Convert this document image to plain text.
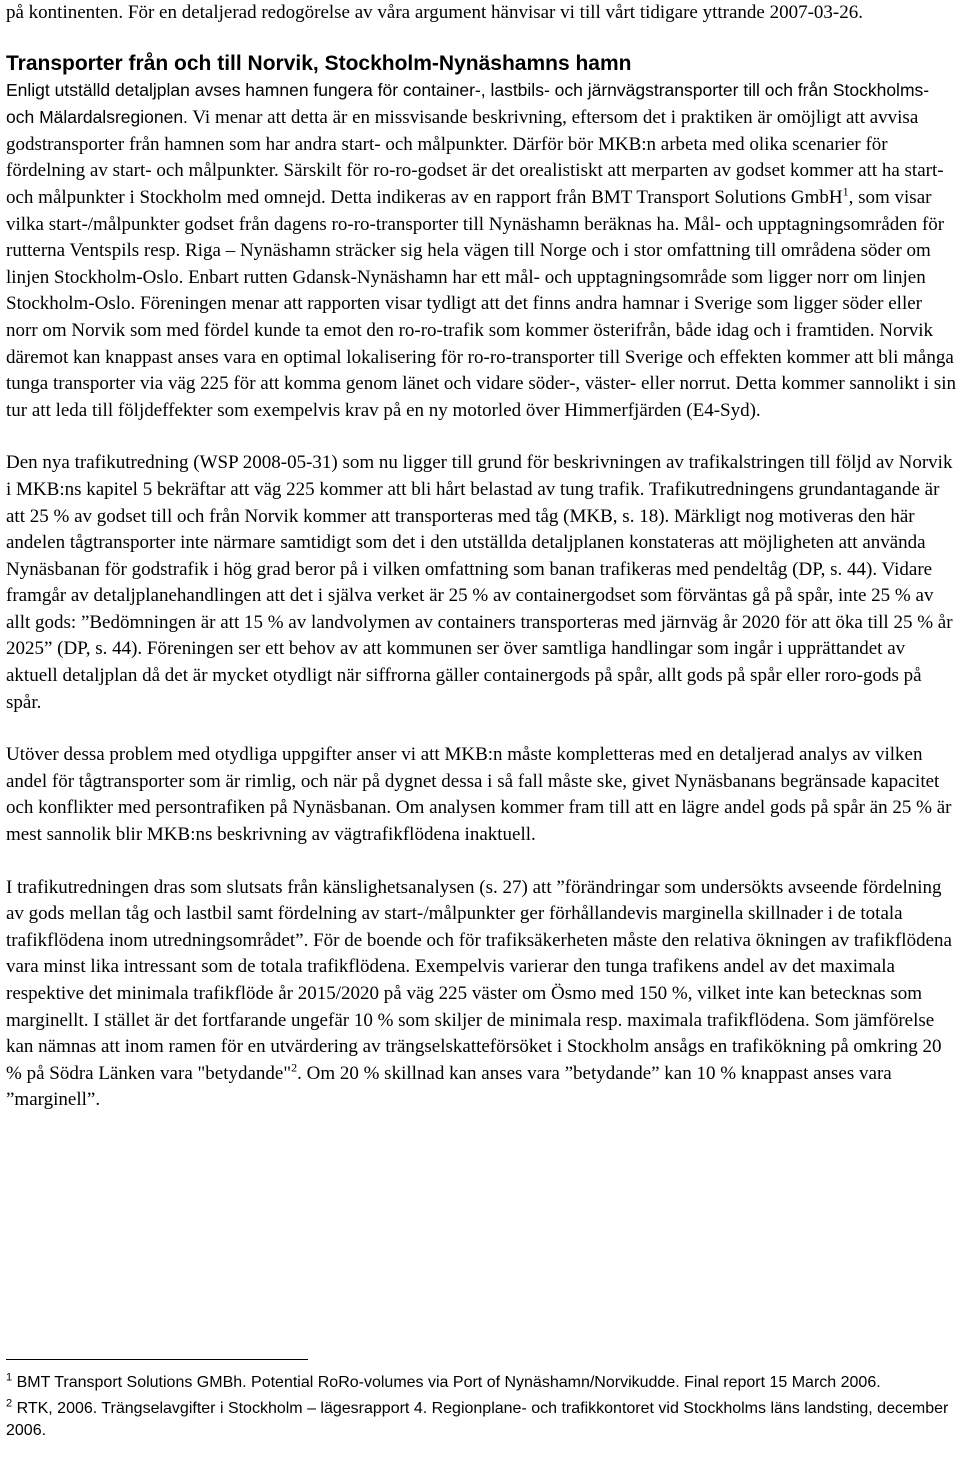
på kontinenten. För en detaljerad redogörelse av våra argument hänvisar vi till vårt tidigare yttrande 2007-03-26.

Transporter från och till Norvik, Stockholm-Nynäshamns hamn

Enligt utställd detaljplan avses hamnen fungera för container-, lastbils- och järnvägstransporter till och från Stockholms- och Mälardalsregionen. Vi menar att detta är en missvisande beskrivning, eftersom det i praktiken är omöjligt att avvisa godstransporter från hamnen som har andra start- och målpunkter. Därför bör MKB:n arbeta med olika scenarier för fördelning av start- och målpunkter. Särskilt för ro-ro-godset är det orealistiskt att merparten av godset kommer att ha start- och målpunkter i Stockholm med omnejd. Detta indikeras av en rapport från BMT Transport Solutions GmbH$^1$, som visar vilka start-/målpunkter godset från dagens ro-ro-transporter till Nynäshamn beräknas ha. Mål- och upptagningsområden för rutterna Ventspils resp. Riga – Nynäshamn sträcker sig hela vägen till Norge och i stor omfattning till områdena söder om linjen Stockholm-Oslo. Enbart rutten Gdansk-Nynäshamn har ett mål- och upptagningsområde som ligger norr om linjen Stockholm-Oslo. Föreningen menar att rapporten visar tydligt att det finns andra hamnar i Sverige som ligger söder eller norr om Norvik som med fördel kunde ta emot den ro-ro-trafik som kommer österifrån, både idag och i framtiden. Norvik däremot kan knappast anses vara en optimal lokalisering för ro-ro-transporter till Sverige och effekten kommer att bli många tunga transporter via väg 225 för att komma genom länet och vidare söder-, väster- eller norrut. Detta kommer sannolikt i sin tur att leda till följdeffekter som exempelvis krav på en ny motorled över Himmerfjärden (E4-Syd).

Den nya trafikutredning (WSP 2008-05-31) som nu ligger till grund för beskrivningen av trafikalstringen till följd av Norvik i MKB:ns kapitel 5 bekräftar att väg 225 kommer att bli hårt belastad av tung trafik. Trafikutredningens grundantagande är att 25 % av godset till och från Norvik kommer att transporteras med tåg (MKB, s. 18). Märkligt nog motiveras den här andelen tågtransporter inte närmare samtidigt som det i den utställda detaljplanen konstateras att möjligheten att använda Nynäsbanan för godstrafik i hög grad beror på i vilken omfattning som banan trafikeras med pendeltåg (DP, s. 44). Vidare framgår av detaljplanehandlingen att det i själva verket är 25 % av containergodset som förväntas gå på spår, inte 25 % av allt gods: ”Bedömningen är att 15 % av landvolymen av containers transporteras med järnväg år 2020 för att öka till 25 % år 2025” (DP, s. 44). Föreningen ser ett behov av att kommunen ser över samtliga handlingar som ingår i upprättandet av aktuell detaljplan då det är mycket otydligt när siffrorna gäller containergods på spår, allt gods på spår eller roro-gods på spår.

Utöver dessa problem med otydliga uppgifter anser vi att MKB:n måste kompletteras med en detaljerad analys av vilken andel för tågtransporter som är rimlig, och när på dygnet dessa i så fall måste ske, givet Nynäsbanans begränsade kapacitet och konflikter med persontrafiken på Nynäsbanan. Om analysen kommer fram till att en lägre andel gods på spår än 25 % är mest sannolik blir MKB:ns beskrivning av vägtrafikflödena inaktuell.

I trafikutredningen dras som slutsats från känslighetsanalysen (s. 27) att ”förändringar som undersökts avseende fördelning av gods mellan tåg och lastbil samt fördelning av start-/målpunkter ger förhållandevis marginella skillnader i de totala trafikflödena inom utredningsområdet”. För de boende och för trafiksäkerheten måste den relativa ökningen av trafikflödena vara minst lika intressant som de totala trafikflödena. Exempelvis varierar den tunga trafikens andel av det maximala respektive det minimala trafikflöde år 2015/2020 på väg 225 väster om Ösmo med 150 %, vilket inte kan betecknas som marginellt. I stället är det fortfarande ungefär 10 % som skiljer de minimala resp. maximala trafikflödena. Som jämförelse kan nämnas att inom ramen för en utvärdering av trängselskatteförsöket i Stockholm ansågs en trafikökning på omkring 20 % på Södra Länken vara "betydande"$^2$. Om 20 % skillnad kan anses vara ”betydande” kan 10 % knappast anses vara ”marginell”.

$^1$ BMT Transport Solutions GMBh. Potential RoRo-volumes via Port of Nynäshamn/Norvikudde. Final report 15 March 2006.

$^2$ RTK, 2006. Trängselavgifter i Stockholm – lägesrapport 4. Regionplane- och trafikkontoret vid Stockholms läns landsting, december 2006.
